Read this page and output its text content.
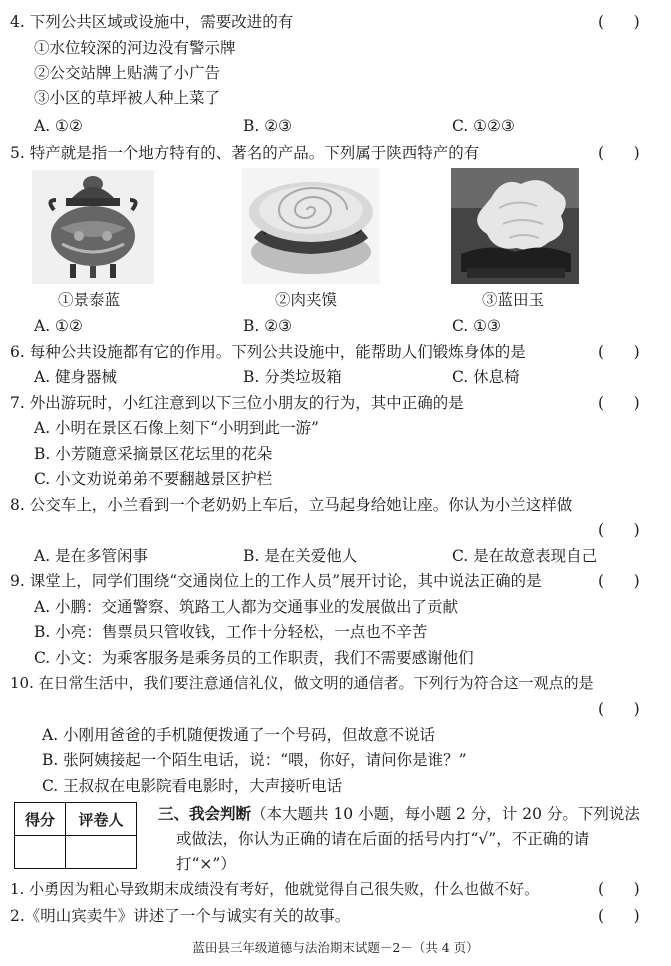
4. 下列公共区域或设施中，需要改进的有	(      )
①水位较深的河边没有警示牌
②公交站牌上贴满了小广告
③小区的草坪被人种上菜了
A. ①②	B. ②③	C. ①②③
5. 特产就是指一个地方特有的、著名的产品。下列属于陕西特产的有	(      )
①景泰蓝	②肉夹馍	③蓝田玉
A. ①②	B. ②③	C. ①③
6. 每种公共设施都有它的作用。下列公共设施中，能帮助人们锻炼身体的是	(      )
A. 健身器械	B. 分类垃圾箱	C. 休息椅
7. 外出游玩时，小红注意到以下三位小朋友的行为，其中正确的是	(      )
A. 小明在景区石像上刻下“小明到此一游”
B. 小芳随意采摘景区花坛里的花朵
C. 小文劝说弟弟不要翻越景区护栏
8. 公交车上，小兰看到一个老奶奶上车后，立马起身给她让座。你认为小兰这样做
(      )
A. 是在多管闲事	B. 是在关爱他人	C. 是在故意表现自己
9. 课堂上，同学们围绕“交通岗位上的工作人员”展开讨论，其中说法正确的是	(      )
A. 小鹏：交通警察、筑路工人都为交通事业的发展做出了贡献
B. 小亮：售票员只管收钱，工作十分轻松，一点也不辛苦
C. 小文：为乘客服务是乘务员的工作职责，我们不需要感谢他们
10. 在日常生活中，我们要注意通信礼仪，做文明的通信者。下列行为符合这一观点的是
(      )
A. 小刚用爸爸的手机随便拨通了一个号码，但故意不说话
B. 张阿姨接起一个陌生电话，说：“喂，你好，请问你是谁？”
C. 王叔叔在电影院看电影时，大声接听电话
得分	评卷人
	三、我会判断（本大题共 10 小题，每小题 2 分，计 20 分。下列说法
或做法，你认为正确的请在后面的括号内打“√”，不正确的请
打“×”）
1. 小勇因为粗心导致期末成绩没有考好，他就觉得自己很失败，什么也做不好。	(      )
2.《明山宾卖牛》讲述了一个与诚实有关的故事。	(      )
蓝田县三年级道德与法治期末试题－2－（共 4 页）
